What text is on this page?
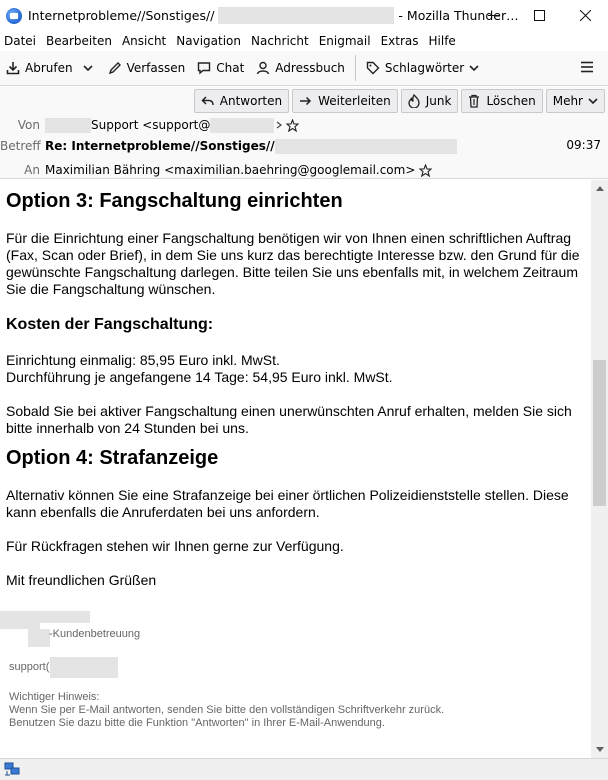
Internetprobleme//Sonstiges//	- Mozilla Thunder…
Datei Bearbeiten Ansicht Navigation Nachricht Enigmail Extras Hilfe
Abrufen	Verfassen	Chat	Adressbuch	Schlagwörter
Antworten	Weiterleiten	Junk	Löschen Mehr
Von	Support <support@
Betreff Re: Internetprobleme//Sonstiges//	09:37
An Maximilian Bähring <maximilian.baehring@googlemail.com>
Option 3: Fangschaltung einrichten

Für die Einrichtung einer Fangschaltung benötigen wir von Ihnen einen schriftlichen Auftrag (Fax, Scan oder Brief), in dem Sie uns kurz das berechtigte Interesse bzw. den Grund für die gewünschte Fangschaltung darlegen. Bitte teilen Sie uns ebenfalls mit, in welchem Zeitraum Sie die Fangschaltung wünschen.

Kosten der Fangschaltung:

Einrichtung einmalig: 85,95 Euro inkl. MwSt.

Durchführung je angefangene 14 Tage: 54,95 Euro inkl. MwSt.

Sobald Sie bei aktiver Fangschaltung einen unerwünschten Anruf erhalten, melden Sie sich bitte innerhalb von 24 Stunden bei uns.

Option 4: Strafanzeige

Alternativ können Sie eine Strafanzeige bei einer örtlichen Polizeidienststelle stellen. Diese kann ebenfalls die Anruferdaten bei uns anfordern.

Für Rückfragen stehen wir Ihnen gerne zur Verfügung.

Mit freundlichen Grüßen

-Kundenbetreuung
support(
Wichtiger Hinweis:
Wenn Sie per E-Mail antworten, senden Sie bitte den vollständigen Schriftverkehr zurück.
Benutzen Sie dazu bitte die Funktion "Antworten" in Ihrer E-Mail-Anwendung.
